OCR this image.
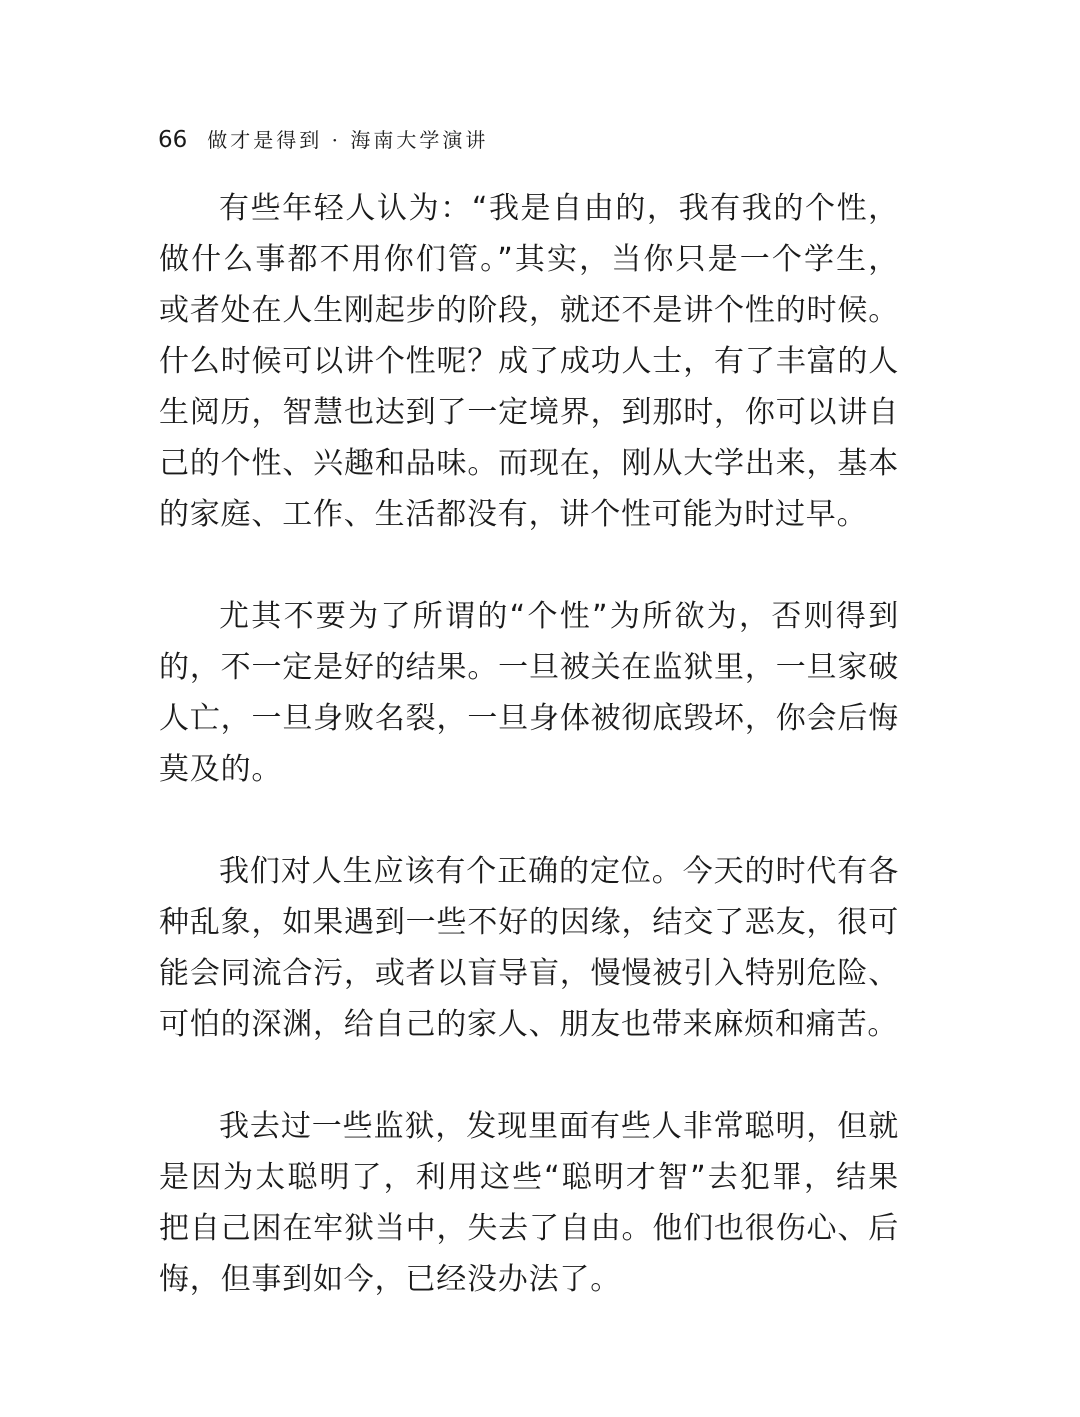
66 做才是得到 · 海南大学演讲

有些年轻人认为：“我是自由的，我有我的个性，做什么事都不用你们管。”其实，当你只是一个学生，或者处在人生刚起步的阶段，就还不是讲个性的时候。什么时候可以讲个性呢？成了成功人士，有了丰富的人生阅历，智慧也达到了一定境界，到那时，你可以讲自己的个性、兴趣和品味。而现在，刚从大学出来，基本的家庭、工作、生活都没有，讲个性可能为时过早。

尤其不要为了所谓的“个性”为所欲为，否则得到的，不一定是好的结果。一旦被关在监狱里，一旦家破人亡，一旦身败名裂，一旦身体被彻底毁坏，你会后悔莫及的。

我们对人生应该有个正确的定位。今天的时代有各种乱象，如果遇到一些不好的因缘，结交了恶友，很可能会同流合污，或者以盲导盲，慢慢被引入特别危险、可怕的深渊，给自己的家人、朋友也带来麻烦和痛苦。

我去过一些监狱，发现里面有些人非常聪明，但就是因为太聪明了，利用这些“聪明才智”去犯罪，结果把自己困在牢狱当中，失去了自由。他们也很伤心、后悔，但事到如今，已经没办法了。
